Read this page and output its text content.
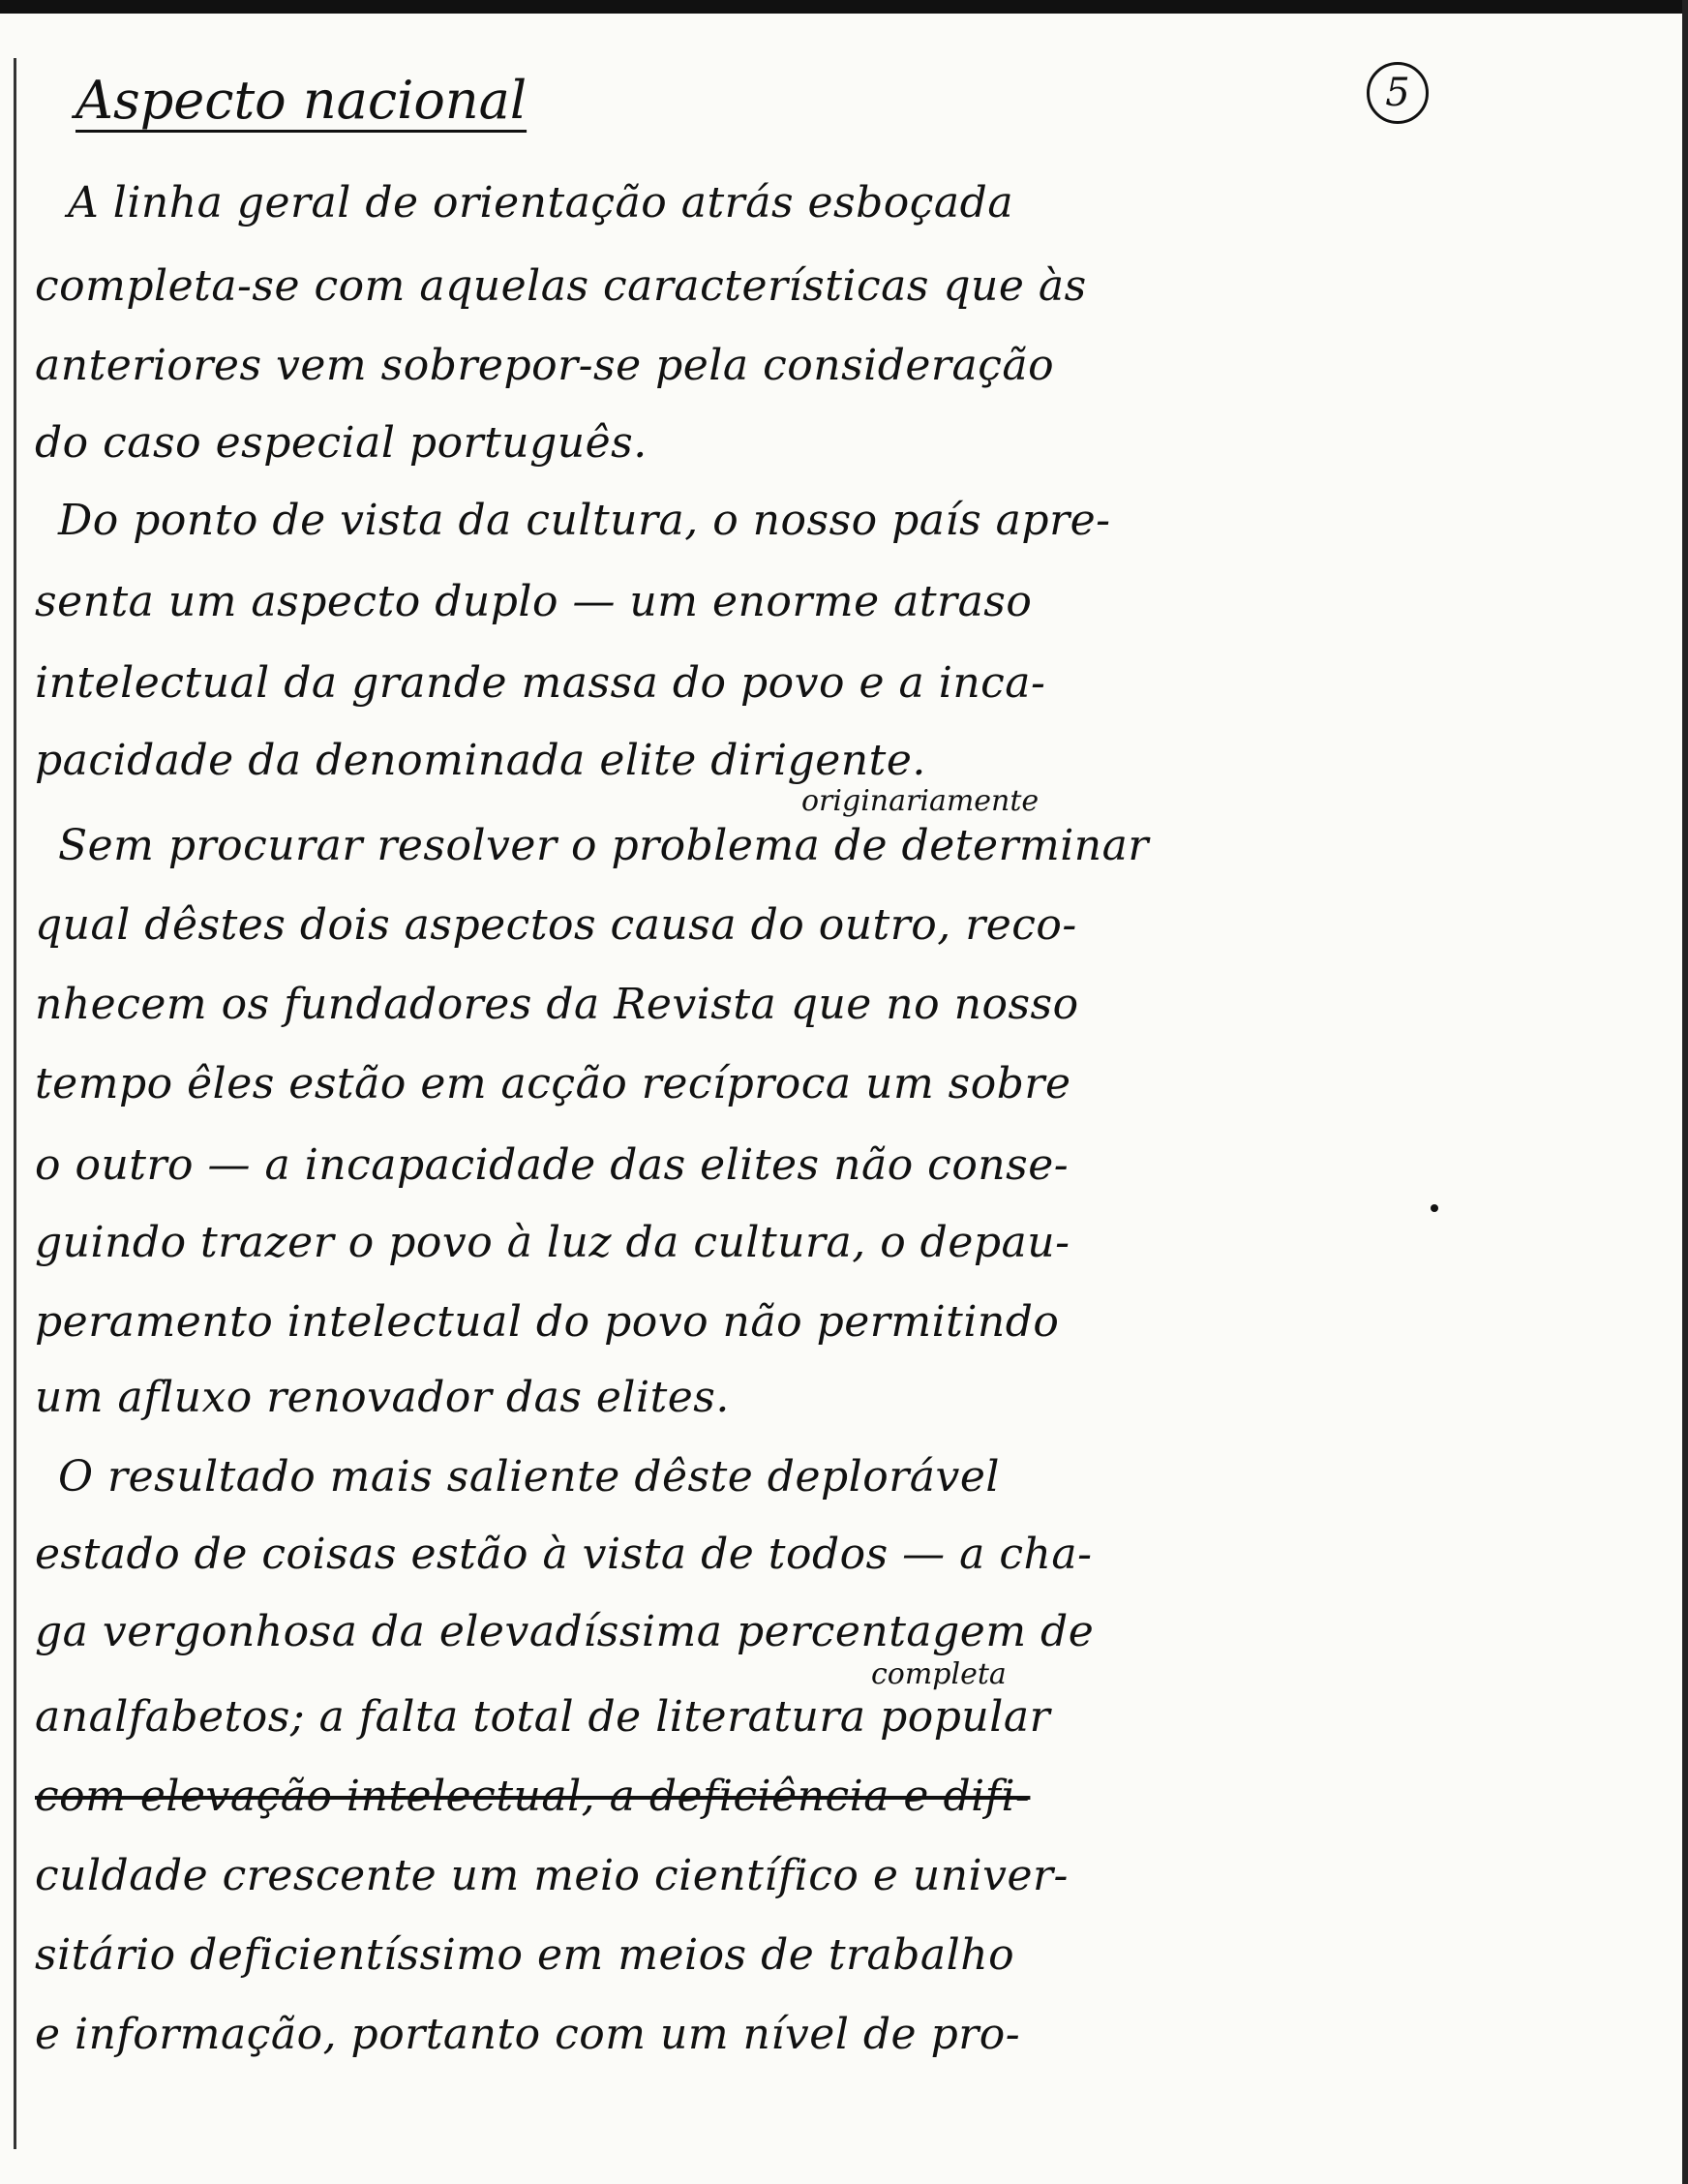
Aspecto nacional	5
A linha geral de orientação atrás esboçada
completa-se com aquelas características que às
anteriores vem sobrepor-se pela consideração
do caso especial português.
Do ponto de vista da cultura, o nosso país apre-
senta um aspecto duplo — um enorme atraso
intelectual da grande massa do povo e a inca-
pacidade da denominada elite dirigente.
originariamente
Sem procurar resolver o problema de determinar
qual dêstes dois aspectos causa do outro, reco-
nhecem os fundadores da Revista que no nosso
tempo êles estão em acção recíproca um sobre
o outro — a incapacidade das elites não conse-
guindo trazer o povo à luz da cultura, o depau-
peramento intelectual do povo não permitindo
um afluxo renovador das elites.
O resultado mais saliente dêste deplorável
estado de coisas estão à vista de todos — a cha-
ga vergonhosa da elevadíssima percentagem de
completa
analfabetos; a falta total de literatura popular
com elevação intelectual, a deficiência e difi-
culdade crescente um meio científico e univer-
sitário deficientíssimo em meios de trabalho
e informação, portanto com um nível de pro-
